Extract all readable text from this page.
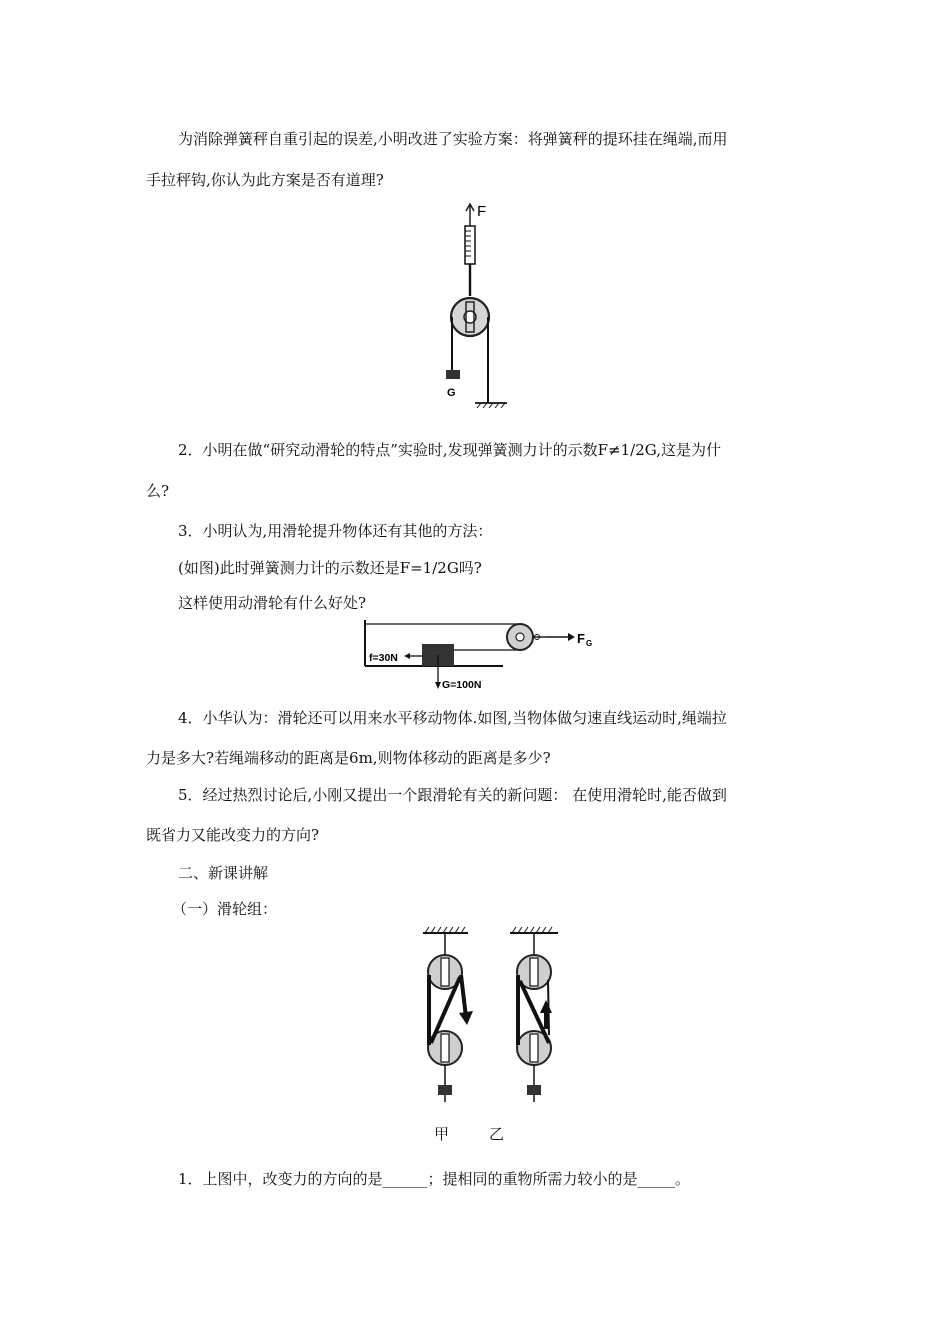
为消除弹簧秤自重引起的误差,小明改进了实验方案：将弹簧秤的提环挂在绳端,而用
手拉秤钩,你认为此方案是否有道理?
F
G
2．小明在做“研究动滑轮的特点”实验时,发现弹簧测力计的示数F≠1/2G,这是为什
么?
3．小明认为,用滑轮提升物体还有其他的方法：
(如图)此时弹簧测力计的示数还是F=1/2G吗?
这样使用动滑轮有什么好处?
F G
f=30N
G=100N
4．小华认为：滑轮还可以用来水平移动物体.如图,当物体做匀速直线运动时,绳端拉
力是多大?若绳端移动的距离是6m,则物体移动的距离是多少?
5．经过热烈讨论后,小刚又提出一个跟滑轮有关的新问题： 在使用滑轮时,能否做到
既省力又能改变力的方向?
二、新课讲解
（一）滑轮组：
甲	乙
1．上图中，改变力的方向的是______；提相同的重物所需力较小的是_____。
